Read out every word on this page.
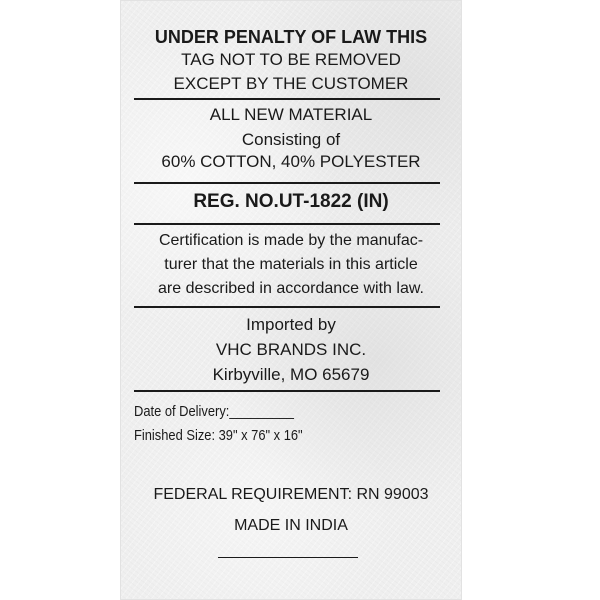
UNDER PENALTY OF LAW THIS
TAG NOT TO BE REMOVED
EXCEPT BY THE CUSTOMER
ALL NEW MATERIAL
Consisting of
60% COTTON, 40% POLYESTER
REG. NO.UT-1822 (IN)
Certification is made by the manufac-
turer that the materials in this article
are described in accordance with law.
Imported by
VHC BRANDS INC.
Kirbyville, MO 65679
Date of Delivery:_________
Finished Size: 39" x 76" x 16"
FEDERAL REQUIREMENT: RN 99003
MADE IN INDIA
